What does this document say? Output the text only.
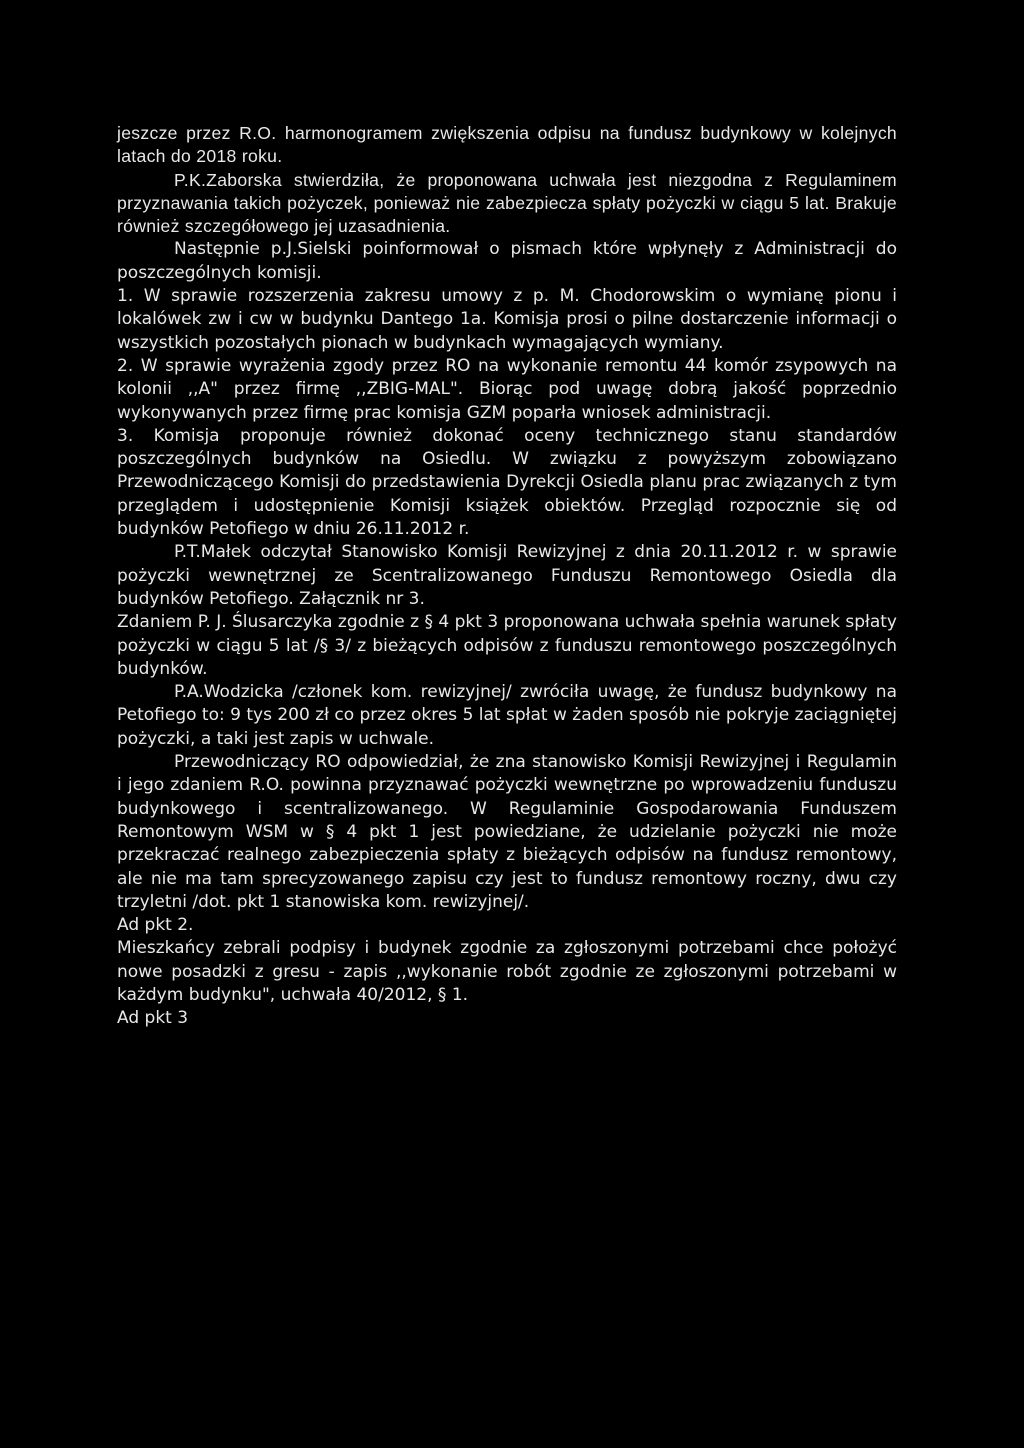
jeszcze przez R.O. harmonogramem zwiększenia odpisu na fundusz budynkowy w kolejnych latach do 2018 roku.

P.K.Zaborska stwierdziła, że proponowana uchwała jest niezgodna z Regulaminem przyznawania takich pożyczek, ponieważ nie zabezpiecza spłaty pożyczki w ciągu 5 lat. Brakuje również szczegółowego jej uzasadnienia.

Następnie p.J.Sielski poinformował o pismach które wpłynęły z Administracji do poszczególnych komisji.

1. W sprawie rozszerzenia zakresu umowy z p. M. Chodorowskim o wymianę pionu i lokalówek zw i cw w budynku Dantego 1a. Komisja prosi o pilne dostarczenie informacji o wszystkich pozostałych pionach w budynkach wymagających wymiany.

2. W sprawie wyrażenia zgody przez RO na wykonanie remontu 44 komór zsypowych na kolonii ,,A" przez firmę ,,ZBIG-MAL". Biorąc pod uwagę dobrą jakość poprzednio wykonywanych przez firmę prac komisja GZM poparła wniosek administracji.

3. Komisja proponuje również dokonać oceny technicznego stanu standardów poszczególnych budynków na Osiedlu. W związku z powyższym zobowiązano Przewodniczącego Komisji do przedstawienia Dyrekcji Osiedla planu prac związanych z tym przeglądem i udostępnienie Komisji książek obiektów. Przegląd rozpocznie się od budynków Petofiego w dniu 26.11.2012 r.

P.T.Małek odczytał Stanowisko Komisji Rewizyjnej z dnia 20.11.2012 r. w sprawie pożyczki wewnętrznej ze Scentralizowanego Funduszu Remontowego Osiedla dla budynków Petofiego. Załącznik nr 3.

Zdaniem P. J. Ślusarczyka zgodnie z § 4 pkt 3 proponowana uchwała spełnia warunek spłaty pożyczki w ciągu 5 lat /§ 3/ z bieżących odpisów z funduszu remontowego poszczególnych budynków.

P.A.Wodzicka /członek kom. rewizyjnej/ zwróciła uwagę, że fundusz budynkowy na Petofiego to: 9 tys 200 zł co przez okres 5 lat spłat w żaden sposób nie pokryje zaciągniętej pożyczki, a taki jest zapis w uchwale.

Przewodniczący RO odpowiedział, że zna stanowisko Komisji Rewizyjnej i Regulamin i jego zdaniem R.O. powinna przyznawać pożyczki wewnętrzne po wprowadzeniu funduszu budynkowego i scentralizowanego. W Regulaminie Gospodarowania Funduszem Remontowym WSM w § 4 pkt 1 jest powiedziane, że udzielanie pożyczki nie może przekraczać realnego zabezpieczenia spłaty z bieżących odpisów na fundusz remontowy, ale nie ma tam sprecyzowanego zapisu czy jest to fundusz remontowy roczny, dwu czy trzyletni /dot. pkt 1 stanowiska kom. rewizyjnej/.

Ad pkt 2.

Mieszkańcy zebrali podpisy i budynek zgodnie za zgłoszonymi potrzebami chce położyć nowe posadzki z gresu - zapis ,,wykonanie robót zgodnie ze zgłoszonymi potrzebami w każdym budynku", uchwała 40/2012, § 1.

Ad pkt 3
